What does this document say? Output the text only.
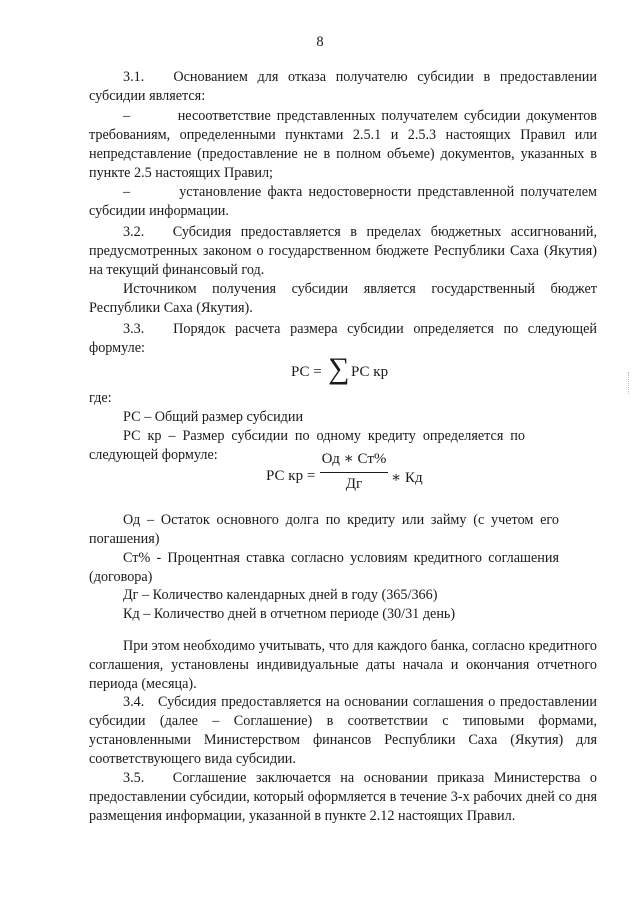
8

3.1.   Основанием для отказа получателю субсидии в предоставлении субсидии является:

–        несоответствие представленных получателем субсидии документов требованиям, определенными пунктами 2.5.1 и 2.5.3 настоящих Правил или непредставление (предоставление не в полном объеме) документов, указанных в пункте 2.5 настоящих Правил;

–        установление факта недостоверности представленной получателем субсидии информации.

3.2.   Субсидия предоставляется в пределах бюджетных ассигнований, предусмотренных законом о государственном бюджете Республики Саха (Якутия) на текущий финансовый год.

Источником получения субсидии является государственный бюджет Республики Саха (Якутия).

3.3.   Порядок расчета размера субсидии определяется по следующей формуле:

РС = ∑ РС кр

где:

РС – Общий размер субсидии

РС кр – Размер субсидии по одному кредиту определяется по следующей формуле:

РС кр =
Од ∗ Ст%
Дг	∗ Кд

Од – Остаток основного долга по кредиту или займу (с учетом его погашения)

Ст% - Процентная ставка согласно условиям кредитного соглашения (договора)

Дг – Количество календарных дней в году (365/366)

Кд – Количество дней в отчетном периоде (30/31 день)

При этом необходимо учитывать, что для каждого банка, согласно кредитного соглашения, установлены индивидуальные даты начала и окончания отчетного периода (месяца).

3.4.   Субсидия предоставляется на основании соглашения о предоставлении субсидии (далее – Соглашение) в соответствии с типовыми формами, установленными Министерством финансов Республики Саха (Якутия) для соответствующего вида субсидии.

3.5.   Соглашение заключается на основании приказа Министерства о предоставлении субсидии, который оформляется в течение 3-х рабочих дней со дня размещения информации, указанной в пункте 2.12 настоящих Правил.
